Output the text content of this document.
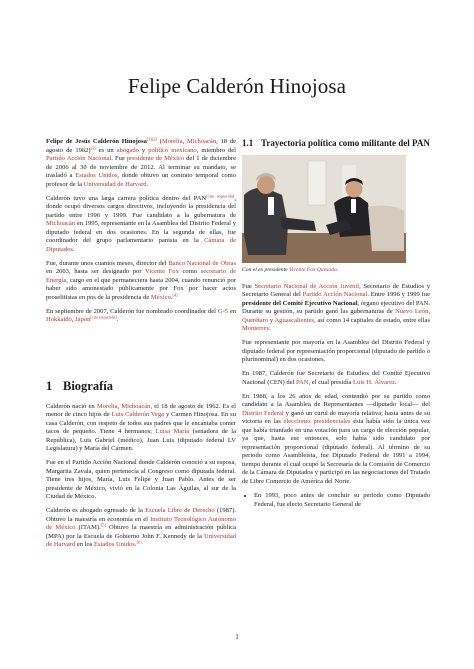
Felipe Calderón Hinojosa

Felipe de Jesús Calderón Hinojosa[1][2] (Morelia, Michoacán, 18 de agosto de 1962)[3] es un abogado y político mexicano, miembro del Partido Acción Nacional. Fue presidente de México del 1 de diciembre de 2006 al 30 de noviembre de 2012. Al terminar su mandato, se trasladó a Estados Unidos, donde obtuvo un contrato temporal como profesor de la Universidad de Harvard.

Calderón tuvo una larga carrera política dentro del PAN[cita requerida], donde ocupó diversos cargos directivos, incluyendo la presidencia del partido entre 1996 y 1999. Fue candidato a la gubernatura de Michoacán en 1995, representante en la Asamblea del Distrito Federal y diputado federal en dos ocasiones. En la segunda de ellas, fue coordinador del grupo parlamentario panista en la Cámara de Diputados.

Fue, durante unos cuantos meses, director del Banco Nacional de Obras en 2003, hasta ser designado por Vicente Fox como secretario de Energía, cargo en el que permaneciera hasta 2004, cuando renunció por haber sido amonestado públicamente por Fox por hacer actos proselitistas en pos de la presidencia de México.[4]

En septiembre de 2007, Calderón fue nombrado coordinador del G-5 en Hokkaido, Japón[cita requerida].

1 Biografía

Calderón nació en Morelia, Michoacán, el 18 de agosto de 1962. Es el menor de cinco hijos de Luis Calderón Vega y Carmen Hinojosa. En su casa Calderón, con respeto de todos sus padres que le encantaba comer tacos de pequeño. Tiene 4 hermanos; Luisa María (senadora de la República), Luis Gabriel (médico), Juan Luis (diputado federal LV Legislatura) y María del Carmen.

Fue en el Partido Acción Nacional donde Calderón conoció a su esposa, Margarita Zavala, quien pertenecía al Congreso como diputada federal. Tiene tres hijos, María, Luis Felipe y Juan Pablo. Antes de ser presidente de México, vivió en la Colonia Las Águilas, al sur de la Ciudad de México.

Calderón es abogado egresado de la Escuela Libre de Derecho (1987). Obtuvo la maestría en economía en el Instituto Tecnológico Autónomo de México (ITAM).[5] Obtuvo la maestría en administración pública (MPA) por la Escuela de Gobierno John F. Kennedy de la Universidad de Harvard en los Estados Unidos.[6]

1.1 Trayectoria política como militante del PAN

Con el ex presidente Vicente Fox Quesada.

Fue Secretario Nacional de Acción Juvenil, Secretario de Estudios y Secretario General del Partido Acción Nacional. Entre 1996 y 1999 fue presidente del Comité Ejecutivo Nacional, órgano ejecutivo del PAN. Durante su gestión, su partido ganó las gubernaturas de Nuevo León, Querétaro y Aguascalientes, así como 14 capitales de estado, entre ellas Monterrey.

Fue representante por mayoría en la Asamblea del Distrito Federal y diputado federal por representación proporcional (diputado de partido o plurinominal) en dos ocasiones.

En 1987, Calderón fue Secretario de Estudios del Comité Ejecutivo Nacional (CEN) del PAN, el cual presidía Luis H. Álvarez.

En 1988, a los 26 años de edad, contendió por su partido como candidato a la Asamblea de Representantes —diputado local— del Distrito Federal y ganó un curul de mayoría relativa; hasta antes de su victoria en las elecciones presidenciales ésta había sido la única vez que había triunfado en una votación para un cargo de elección popular, ya que, hasta ese entonces, solo había sido candidato por representación proporcional (diputado federal). Al término de su periodo como Asambleísta, fue Diputado Federal de 1991 a 1994, tiempo durante el cual ocupó la Secretaría de la Comisión de Comercio de la Cámara de Diputados y participó en las negociaciones del Tratado de Libre Comercio de América del Norte.

• En 1993, poco antes de concluir su periodo como Diputado Federal, fue electo Secretario General de
1
